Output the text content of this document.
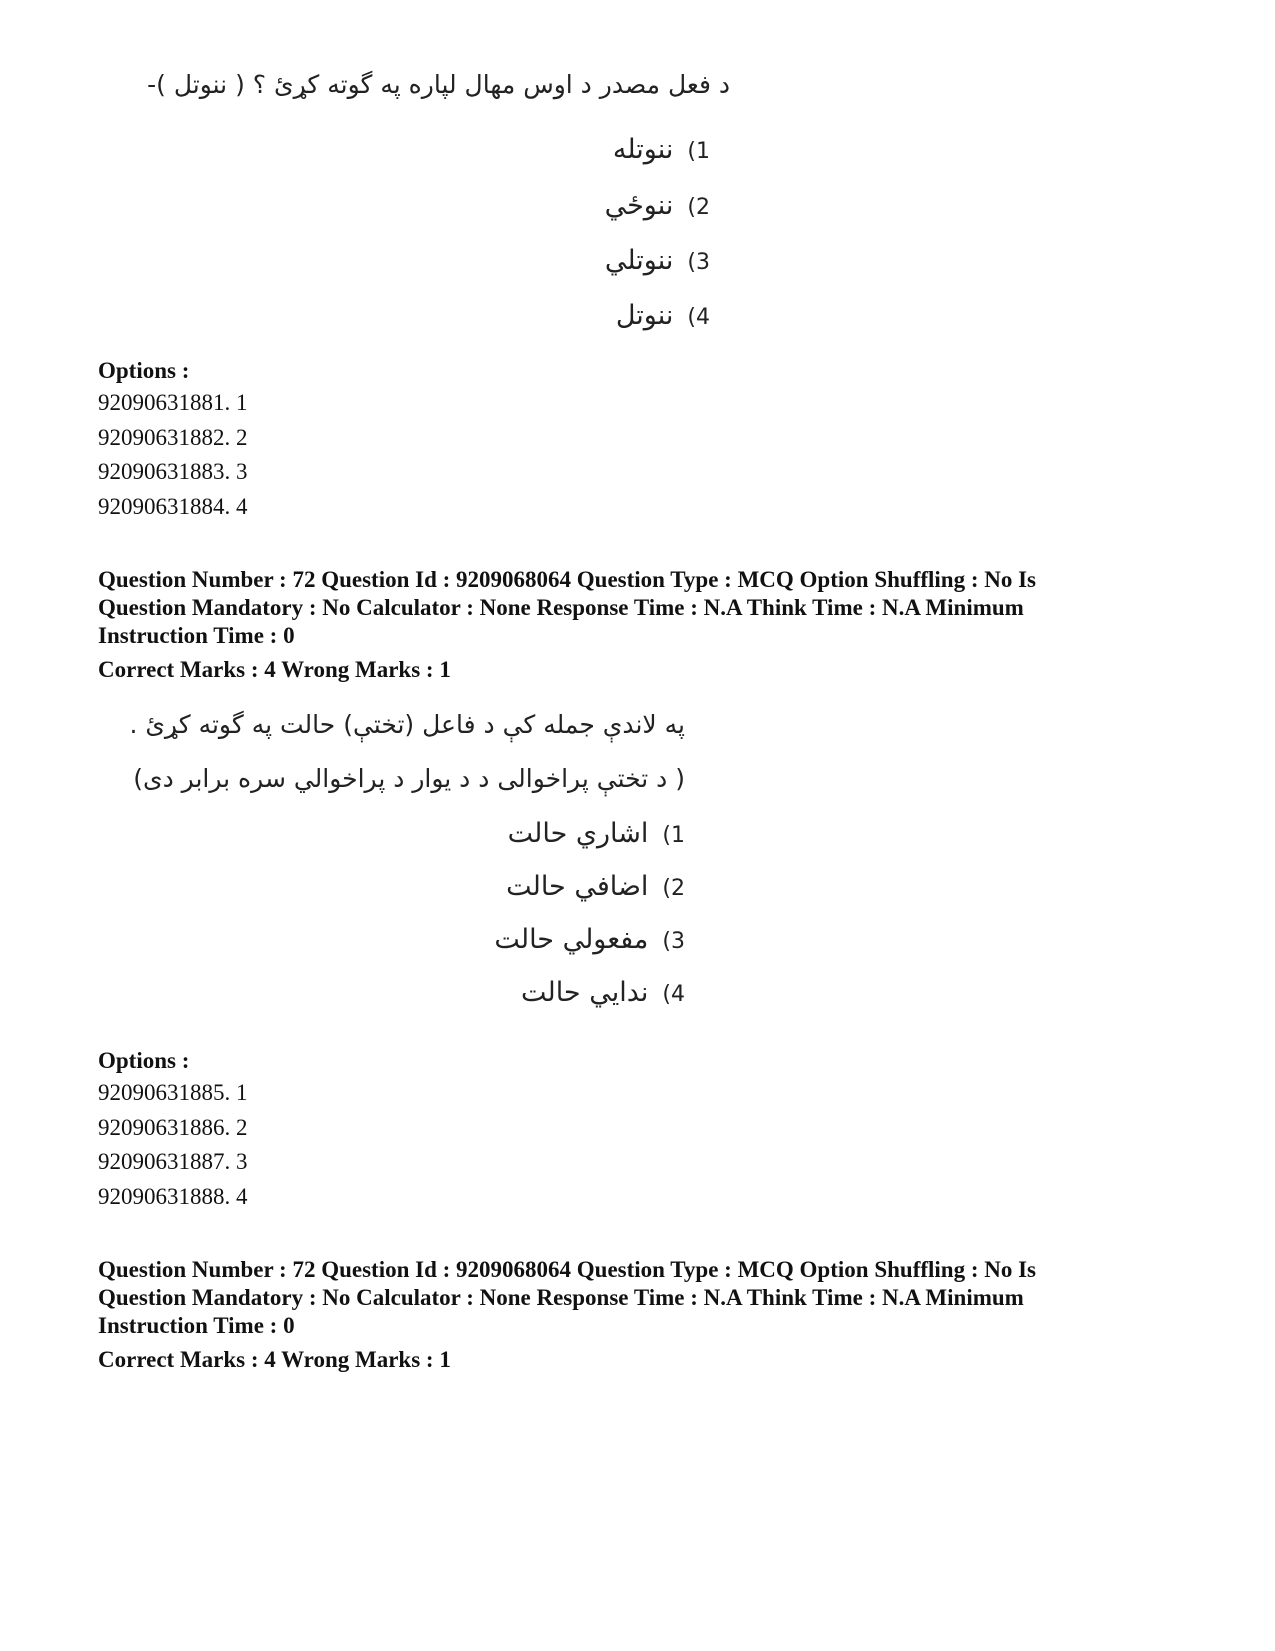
‎-( ننوتل ) د فعل مصدر د اوس مهال لپاره په گوته کړئ ؟
1)ننوتله
2)ننوځي
3)ننوتلي
4)ننوتل
Options :
92090631881. 1
92090631882. 2
92090631883. 3
92090631884. 4
Question Number : 72 Question Id : 9209068064 Question Type : MCQ Option Shuffling : No Is
Question Mandatory : No Calculator : None Response Time : N.A Think Time : N.A Minimum
Instruction Time : 0
Correct Marks : 4 Wrong Marks : 1
په لاندې جمله کې د فاعل (تختې) حالت په گوته کړئ .
( د تختې پراخوالی د د یوار د پراخوالي سره برابر دی)
1)اشاري حالت
2)اضافي حالت
3)مفعولي حالت
4)ندايي حالت
Options :
92090631885. 1
92090631886. 2
92090631887. 3
92090631888. 4
Question Number : 72 Question Id : 9209068064 Question Type : MCQ Option Shuffling : No Is
Question Mandatory : No Calculator : None Response Time : N.A Think Time : N.A Minimum
Instruction Time : 0
Correct Marks : 4 Wrong Marks : 1
